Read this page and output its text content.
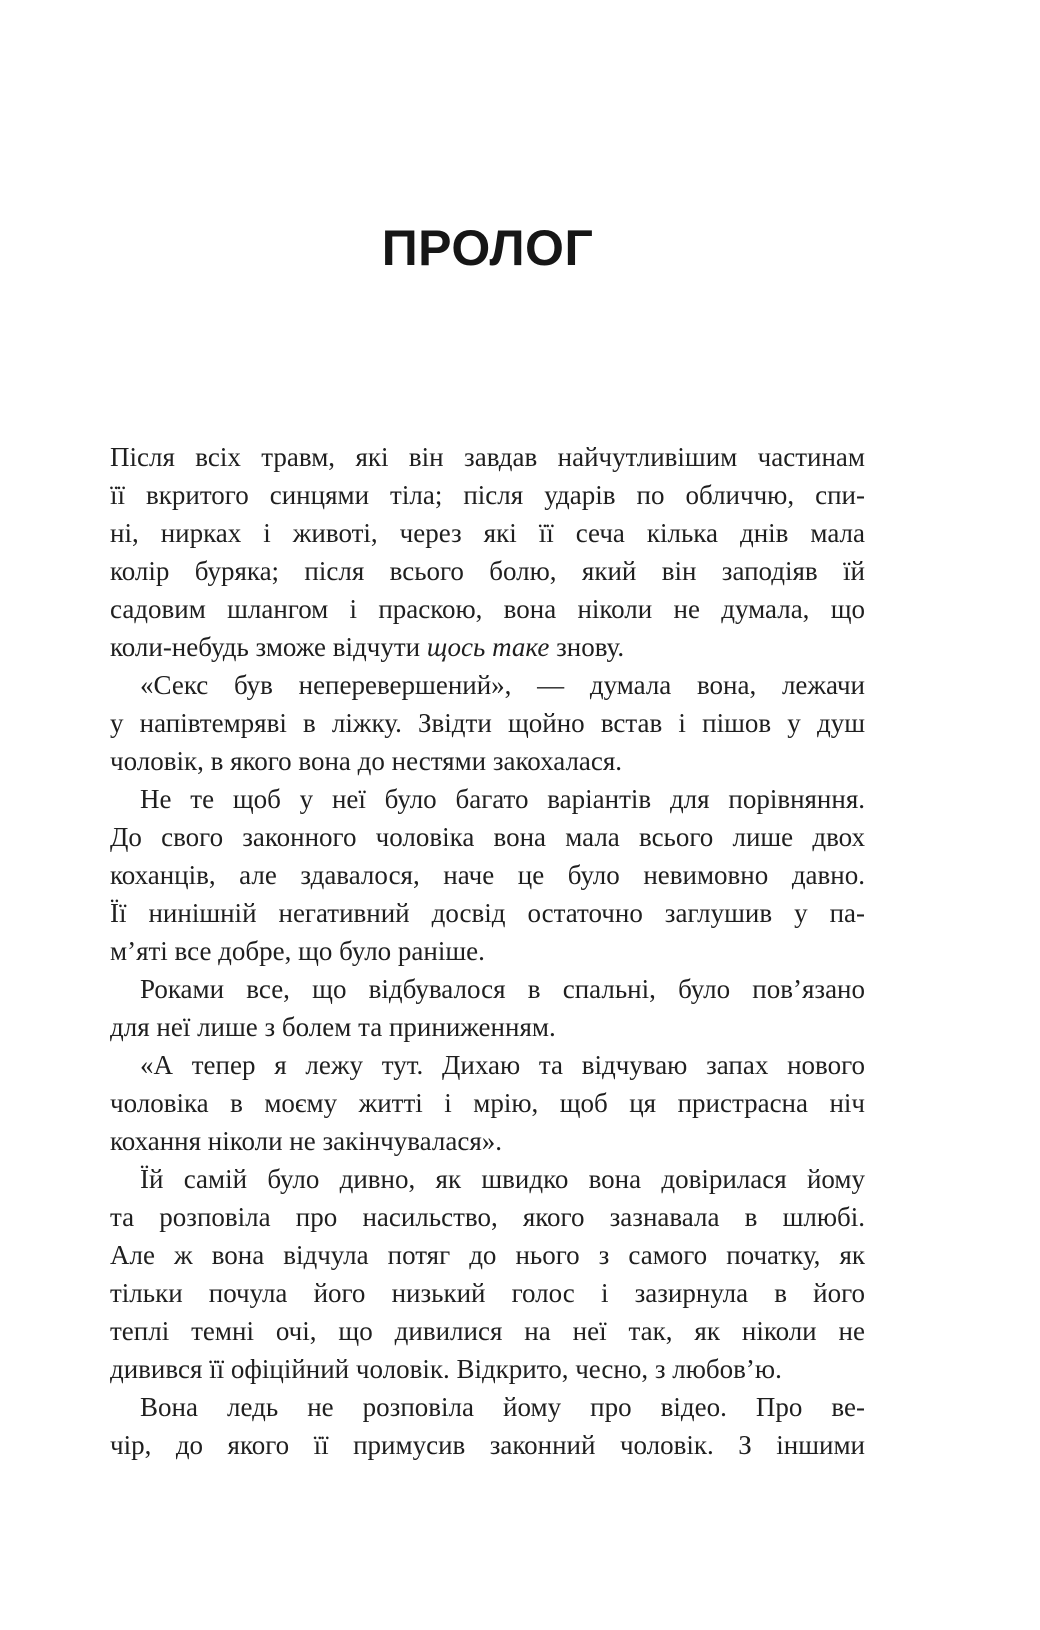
ПРОЛОГ
Після всіх травм, які він завдав найчутливішим частинам
її вкритого синцями тіла; після ударів по обличчю, спи-
ні, нирках і животі, через які її сеча кілька днів мала
колір буряка; після всього болю, який він заподіяв їй
садовим шлангом і праскою, вона ніколи не думала, що
коли-небудь зможе відчути щось таке знову.
«Секс був неперевершений», — думала вона, лежачи
у напівтемряві в ліжку. Звідти щойно встав і пішов у душ
чоловік, в якого вона до нестями закохалася.
Не те щоб у неї було багато варіантів для порівняння.
До свого законного чоловіка вона мала всього лише двох
коханців, але здавалося, наче це було невимовно давно.
Її нинішній негативний досвід остаточно заглушив у па-
м’яті все добре, що було раніше.
Роками все, що відбувалося в спальні, було пов’язано
для неї лише з болем та приниженням.
«А тепер я лежу тут. Дихаю та відчуваю запах нового
чоловіка в моєму житті і мрію, щоб ця пристрасна ніч
кохання ніколи не закінчувалася».
Їй самій було дивно, як швидко вона довірилася йому
та розповіла про насильство, якого зазнавала в шлюбі.
Але ж вона відчула потяг до нього з самого початку, як
тільки почула його низький голос і зазирнула в його
теплі темні очі, що дивилися на неї так, як ніколи не
дивився її офіційний чоловік. Відкрито, чесно, з любов’ю.
Вона ледь не розповіла йому про відео. Про ве-
чір, до якого її примусив законний чоловік. З іншими
